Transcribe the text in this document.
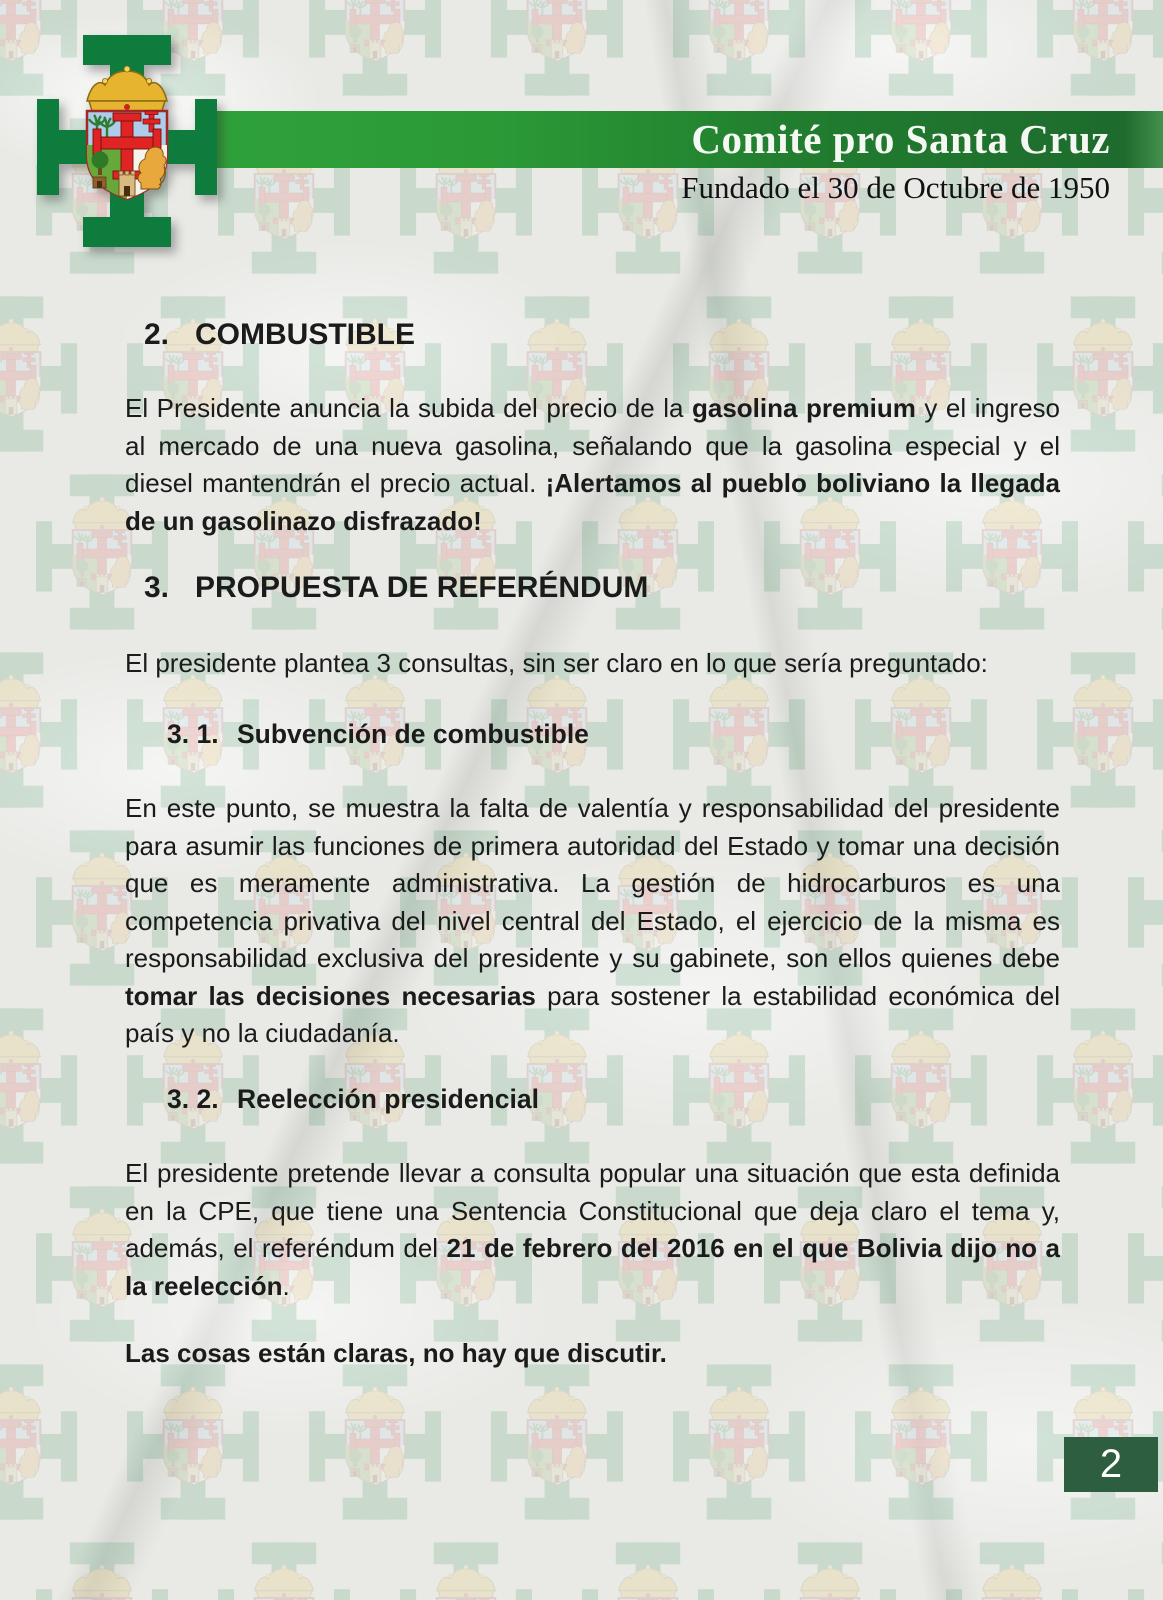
Comité pro Santa Cruz
Fundado el 30 de Octubre de 1950
2. COMBUSTIBLE

El Presidente anuncia la subida del precio de la gasolina premium y el ingreso al mercado de una nueva gasolina, señalando que la gasolina especial y el diesel mantendrán el precio actual. ¡Alertamos al pueblo boliviano la llegada de un gasolinazo disfrazado!

3. PROPUESTA DE REFERÉNDUM

El presidente plantea 3 consultas, sin ser claro en lo que sería preguntado:

3. 1. Subvención de combustible

En este punto, se muestra la falta de valentía y responsabilidad del presidente para asumir las funciones de primera autoridad del Estado y tomar una decisión que es meramente administrativa. La gestión de hidrocarburos es una competencia privativa del nivel central del Estado, el ejercicio de la misma es responsabilidad exclusiva del presidente y su gabinete, son ellos quienes debe tomar las decisiones necesarias para sostener la estabilidad económica del país y no la ciudadanía.

3. 2. Reelección presidencial

El presidente pretende llevar a consulta popular una situación que esta definida en la CPE, que tiene una Sentencia Constitucional que deja claro el tema y, además, el referéndum del 21 de febrero del 2016 en el que Bolivia dijo no a la reelección.

Las cosas están claras, no hay que discutir.

2
